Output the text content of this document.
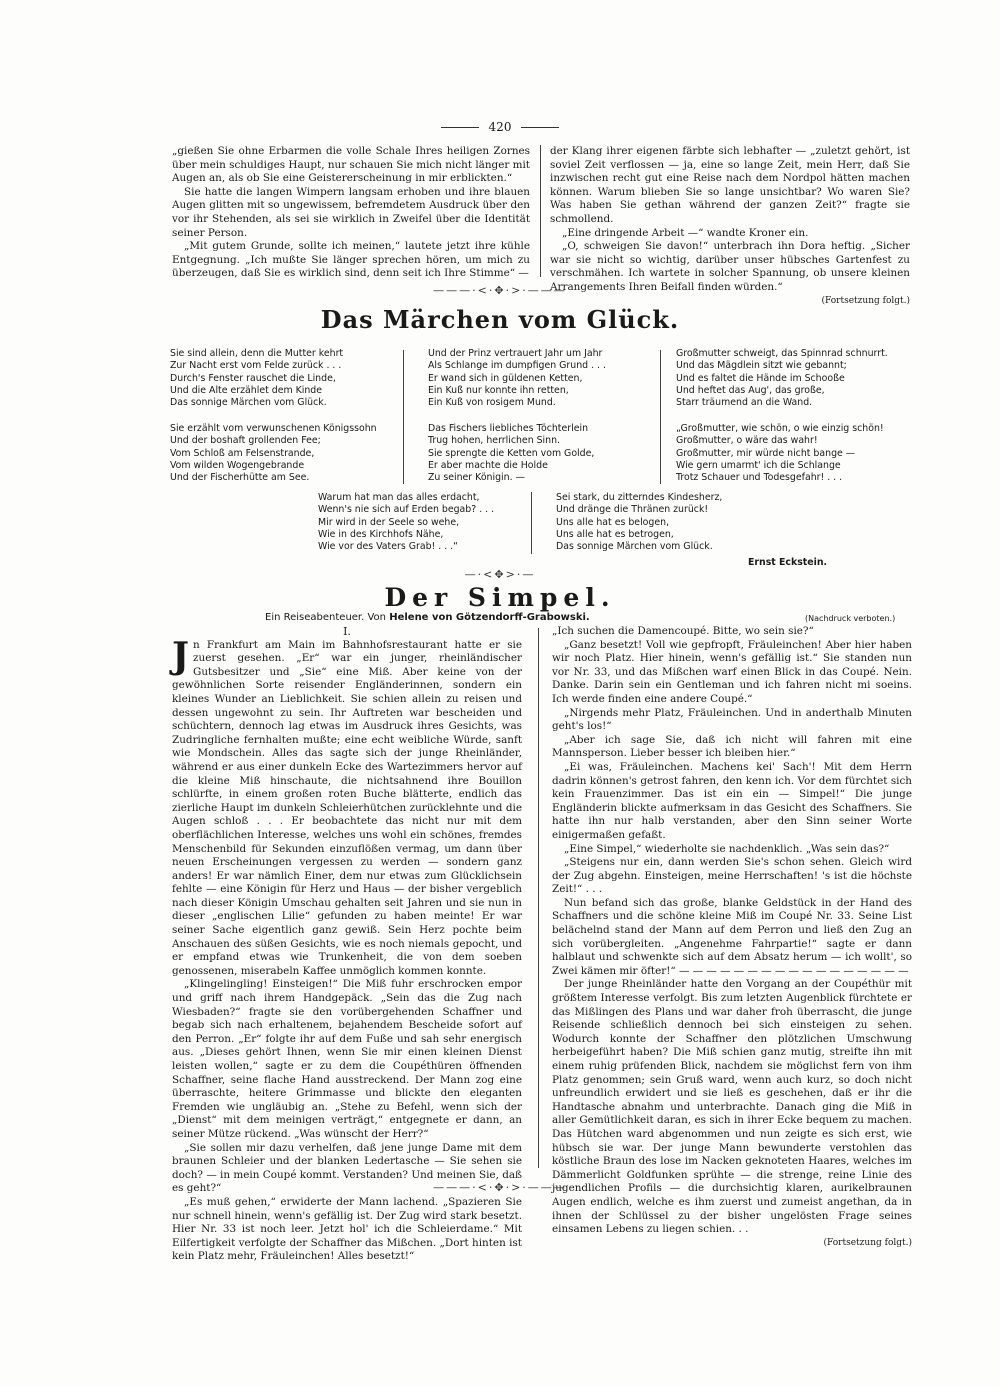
420

„gießen Sie ohne Erbarmen die volle Schale Ihres heiligen Zornes über mein schuldiges Haupt, nur schauen Sie mich nicht länger mit Augen an, als ob Sie eine Geistererscheinung in mir erblickten.“

Sie hatte die langen Wimpern langsam erhoben und ihre blauen Augen glitten mit so ungewissem, befremdetem Ausdruck über den vor ihr Stehenden, als sei sie wirklich in Zweifel über die Identität seiner Person.

„Mit gutem Grunde, sollte ich meinen,“ lautete jetzt ihre kühle Entgegnung. „Ich mußte Sie länger sprechen hören, um mich zu überzeugen, daß Sie es wirklich sind, denn seit ich Ihre Stimme“ —

der Klang ihrer eigenen färbte sich lebhafter — „zuletzt gehört, ist soviel Zeit verflossen — ja, eine so lange Zeit, mein Herr, daß Sie inzwischen recht gut eine Reise nach dem Nordpol hätten machen können. Warum blieben Sie so lange unsichtbar? Wo waren Sie? Was haben Sie gethan während der ganzen Zeit?“ fragte sie schmollend.

„Eine dringende Arbeit —“ wandte Kroner ein.

„O, schweigen Sie davon!“ unterbrach ihn Dora heftig. „Sicher war sie nicht so wichtig, darüber unser hübsches Gartenfest zu verschmähen. Ich wartete in solcher Spannung, ob unsere kleinen Arrangements Ihren Beifall finden würden.“

(Fortsetzung folgt.)

———·<·✥·>·———
Das Märchen vom Glück.
Sie sind allein, denn die Mutter kehrt
Zur Nacht erst vom Felde zurück . . .
Durch's Fenster rauschet die Linde,
Und die Alte erzählet dem Kinde
Das sonnige Märchen vom Glück.
Sie erzählt vom verwunschenen Königssohn
Und der boshaft grollenden Fee;
Vom Schloß am Felsenstrande,
Vom wilden Wogengebrande
Und der Fischerhütte am See.
Und der Prinz vertrauert Jahr um Jahr
Als Schlange im dumpfigen Grund . . .
Er wand sich in güldenen Ketten,
Ein Kuß nur konnte ihn retten,
Ein Kuß von rosigem Mund.
Das Fischers liebliches Töchterlein
Trug hohen, herrlichen Sinn.
Sie sprengte die Ketten vom Golde,
Er aber machte die Holde
Zu seiner Königin. —
Großmutter schweigt, das Spinnrad schnurrt.
Und das Mägdlein sitzt wie gebannt;
Und es faltet die Hände im Schooße
Und heftet das Aug', das große,
Starr träumend an die Wand.
„Großmutter, wie schön, o wie einzig schön!
Großmutter, o wäre das wahr!
Großmutter, mir würde nicht bange —
Wie gern umarmt' ich die Schlange
Trotz Schauer und Todesgefahr! . . .
Warum hat man das alles erdacht,
Wenn's nie sich auf Erden begab? . . .
Mir wird in der Seele so wehe,
Wie in des Kirchhofs Nähe,
Wie vor des Vaters Grab! . . .“
Sei stark, du zitterndes Kindesherz,
Und dränge die Thränen zurück!
Uns alle hat es belogen,
Uns alle hat es betrogen,
Das sonnige Märchen vom Glück.
Ernst Eckstein.
—·<✥>·—
Der Simpel.
Ein Reiseabenteuer. Von Helene von Götzendorff-Grabowski.	(Nachdruck verboten.)

I.

J n Frankfurt am Main im Bahnhofsrestaurant hatte er sie zuerst gesehen. „Er“ war ein junger, rheinländischer Gutsbesitzer und „Sie“ eine Miß. Aber keine von der gewöhnlichen Sorte reisender Engländerinnen, sondern ein kleines Wunder an Lieblichkeit. Sie schien allein zu reisen und dessen ungewohnt zu sein. Ihr Auftreten war bescheiden und schüchtern, dennoch lag etwas im Ausdruck ihres Gesichts, was Zudringliche fernhalten mußte; eine echt weibliche Würde, sanft wie Mondschein. Alles das sagte sich der junge Rheinländer, während er aus einer dunkeln Ecke des Wartezimmers hervor auf die kleine Miß hinschaute, die nichtsahnend ihre Bouillon schlürfte, in einem großen roten Buche blätterte, endlich das zierliche Haupt im dunkeln Schleierhütchen zurücklehnte und die Augen schloß . . . Er beobachtete das nicht nur mit dem oberflächlichen Interesse, welches uns wohl ein schönes, fremdes Menschenbild für Sekunden einzuflößen vermag, um dann über neuen Erscheinungen vergessen zu werden — sondern ganz anders! Er war nämlich Einer, dem nur etwas zum Glücklichsein fehlte — eine Königin für Herz und Haus — der bisher vergeblich nach dieser Königin Umschau gehalten seit Jahren und sie nun in dieser „englischen Lilie“ gefunden zu haben meinte! Er war seiner Sache eigentlich ganz gewiß. Sein Herz pochte beim Anschauen des süßen Gesichts, wie es noch niemals gepocht, und er empfand etwas wie Trunkenheit, die von dem soeben genossenen, miserabeln Kaffee unmöglich kommen konnte.

„Klingelingling! Einsteigen!“ Die Miß fuhr erschrocken empor und griff nach ihrem Handgepäck. „Sein das die Zug nach Wiesbaden?“ fragte sie den vorübergehenden Schaffner und begab sich nach erhaltenem, bejahendem Bescheide sofort auf den Perron. „Er“ folgte ihr auf dem Fuße und sah sehr energisch aus. „Dieses gehört Ihnen, wenn Sie mir einen kleinen Dienst leisten wollen,“ sagte er zu dem die Coupéthüren öffnenden Schaffner, seine flache Hand ausstreckend. Der Mann zog eine überraschte, heitere Grimmasse und blickte den eleganten Fremden wie ungläubig an. „Stehe zu Befehl, wenn sich der „Dienst“ mit dem meinigen verträgt,“ entgegnete er dann, an seiner Mütze rückend. „Was wünscht der Herr?“

„Sie sollen mir dazu verhelfen, daß jene junge Dame mit dem braunen Schleier und der blanken Ledertasche — Sie sehen sie doch? — in mein Coupé kommt. Verstanden? Und meinen Sie, daß es geht?“

„Es muß gehen,“ erwiderte der Mann lachend. „Spazieren Sie nur schnell hinein, wenn's gefällig ist. Der Zug wird stark besetzt. Hier Nr. 33 ist noch leer. Jetzt hol' ich die Schleierdame.“ Mit Eilfertigkeit verfolgte der Schaffner das Mißchen. „Dort hinten ist kein Platz mehr, Fräuleinchen! Alles besetzt!“

„Ich suchen die Damencoupé. Bitte, wo sein sie?“

„Ganz besetzt! Voll wie gepfropft, Fräuleinchen! Aber hier haben wir noch Platz. Hier hinein, wenn's gefällig ist.“ Sie standen nun vor Nr. 33, und das Mißchen warf einen Blick in das Coupé. Nein. Danke. Darin sein ein Gentleman und ich fahren nicht mi soeins. Ich werde finden eine andere Coupé.“

„Nirgends mehr Platz, Fräuleinchen. Und in anderthalb Minuten geht's los!“

„Aber ich sage Sie, daß ich nicht will fahren mit eine Mannsperson. Lieber besser ich bleiben hier.“

„Ei was, Fräuleinchen. Machens kei' Sach'! Mit dem Herrn dadrin können's getrost fahren, den kenn ich. Vor dem fürchtet sich kein Frauenzimmer. Das ist ein ein — Simpel!“ Die junge Engländerin blickte aufmerksam in das Gesicht des Schaffners. Sie hatte ihn nur halb verstanden, aber den Sinn seiner Worte einigermaßen gefaßt.

„Eine Simpel,“ wiederholte sie nachdenklich. „Was sein das?“

„Steigens nur ein, dann werden Sie's schon sehen. Gleich wird der Zug abgehn. Einsteigen, meine Herrschaften! 's ist die höchste Zeit!“ . . .

Nun befand sich das große, blanke Geldstück in der Hand des Schaffners und die schöne kleine Miß im Coupé Nr. 33. Seine List belächelnd stand der Mann auf dem Perron und ließ den Zug an sich vorübergleiten. „Angenehme Fahrpartie!“ sagte er dann halblaut und schwenkte sich auf dem Absatz herum — ich wollt', so Zwei kämen mir öfter!“ — — — — — — — — — — — — — — — — —

Der junge Rheinländer hatte den Vorgang an der Coupéthür mit größtem Interesse verfolgt. Bis zum letzten Augenblick fürchtete er das Mißlingen des Plans und war daher froh überrascht, die junge Reisende schließlich dennoch bei sich einsteigen zu sehen. Wodurch konnte der Schaffner den plötzlichen Umschwung herbeigeführt haben? Die Miß schien ganz mutig, streifte ihn mit einem ruhig prüfenden Blick, nachdem sie möglichst fern von ihm Platz genommen; sein Gruß ward, wenn auch kurz, so doch nicht unfreundlich erwidert und sie ließ es geschehen, daß er ihr die Handtasche abnahm und unterbrachte. Danach ging die Miß in aller Gemütlichkeit daran, es sich in ihrer Ecke bequem zu machen. Das Hütchen ward abgenommen und nun zeigte es sich erst, wie hübsch sie war. Der junge Mann bewunderte verstohlen das köstliche Braun des lose im Nacken geknoteten Haares, welches im Dämmerlicht Goldfunken sprühte — die strenge, reine Linie des jugendlichen Profils — die durchsichtig klaren, aurikelbraunen Augen endlich, welche es ihm zuerst und zumeist angethan, da in ihnen der Schlüssel zu der bisher ungelösten Frage seines einsamen Lebens zu liegen schien. . .

(Fortsetzung folgt.)

———·<·✥·>·———
